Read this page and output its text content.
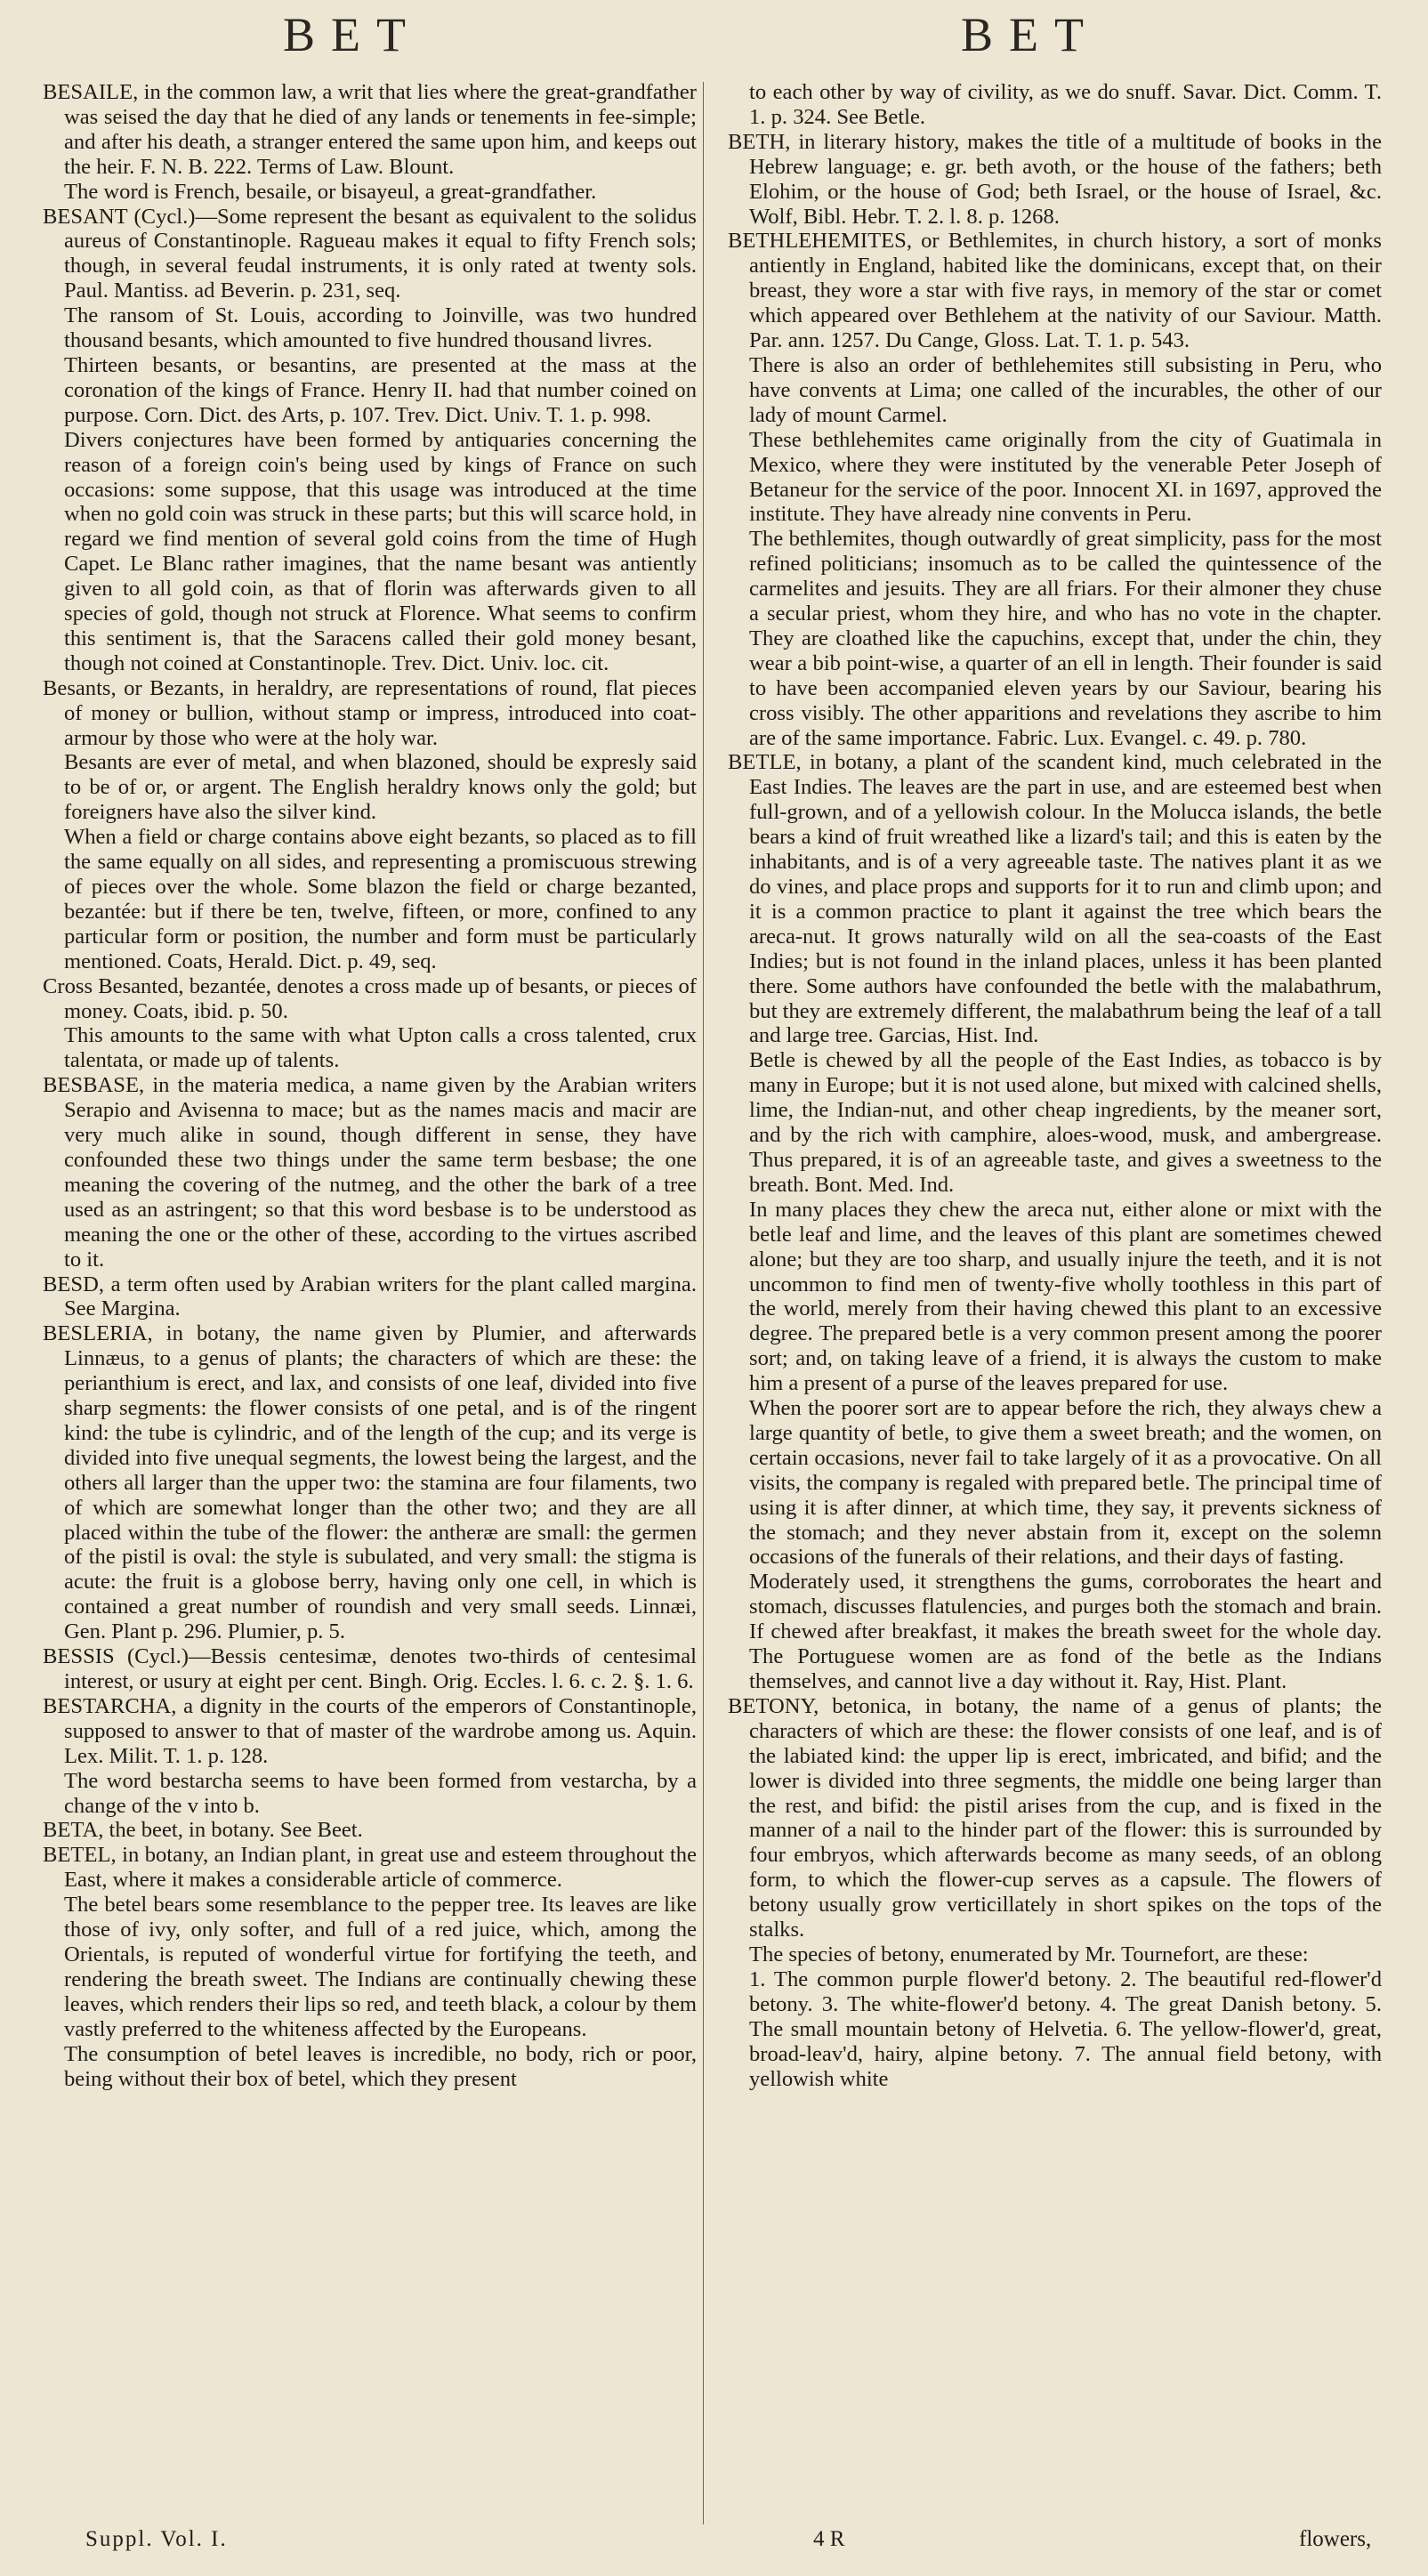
BET	BET

BESAILE, in the common law, a writ that lies where the great-grandfather was seised the day that he died of any lands or tenements in fee-simple; and after his death, a stranger entered the same upon him, and keeps out the heir. F. N. B. 222. Terms of Law. Blount.

The word is French, besaile, or bisayeul, a great-grandfather.

BESANT (Cycl.)—Some represent the besant as equivalent to the solidus aureus of Constantinople. Ragueau makes it equal to fifty French sols; though, in several feudal instruments, it is only rated at twenty sols. Paul. Mantiss. ad Beverin. p. 231, seq.

The ransom of St. Louis, according to Joinville, was two hundred thousand besants, which amounted to five hundred thousand livres.

Thirteen besants, or besantins, are presented at the mass at the coronation of the kings of France. Henry II. had that number coined on purpose. Corn. Dict. des Arts, p. 107. Trev. Dict. Univ. T. 1. p. 998.

Divers conjectures have been formed by antiquaries concerning the reason of a foreign coin's being used by kings of France on such occasions: some suppose, that this usage was introduced at the time when no gold coin was struck in these parts; but this will scarce hold, in regard we find mention of several gold coins from the time of Hugh Capet. Le Blanc rather imagines, that the name besant was antiently given to all gold coin, as that of florin was afterwards given to all species of gold, though not struck at Florence. What seems to confirm this sentiment is, that the Saracens called their gold money besant, though not coined at Constantinople. Trev. Dict. Univ. loc. cit.

Besants, or Bezants, in heraldry, are representations of round, flat pieces of money or bullion, without stamp or impress, introduced into coat-armour by those who were at the holy war.

Besants are ever of metal, and when blazoned, should be expresly said to be of or, or argent. The English heraldry knows only the gold; but foreigners have also the silver kind.

When a field or charge contains above eight bezants, so placed as to fill the same equally on all sides, and representing a promiscuous strewing of pieces over the whole. Some blazon the field or charge bezanted, bezantée: but if there be ten, twelve, fifteen, or more, confined to any particular form or position, the number and form must be particularly mentioned. Coats, Herald. Dict. p. 49, seq.

Cross Besanted, bezantée, denotes a cross made up of besants, or pieces of money. Coats, ibid. p. 50.

This amounts to the same with what Upton calls a cross talented, crux talentata, or made up of talents.

BESBASE, in the materia medica, a name given by the Arabian writers Serapio and Avisenna to mace; but as the names macis and macir are very much alike in sound, though different in sense, they have confounded these two things under the same term besbase; the one meaning the covering of the nutmeg, and the other the bark of a tree used as an astringent; so that this word besbase is to be understood as meaning the one or the other of these, according to the virtues ascribed to it.

BESD, a term often used by Arabian writers for the plant called margina. See Margina.

BESLERIA, in botany, the name given by Plumier, and afterwards Linnæus, to a genus of plants; the characters of which are these: the perianthium is erect, and lax, and consists of one leaf, divided into five sharp segments: the flower consists of one petal, and is of the ringent kind: the tube is cylindric, and of the length of the cup; and its verge is divided into five unequal segments, the lowest being the largest, and the others all larger than the upper two: the stamina are four filaments, two of which are somewhat longer than the other two; and they are all placed within the tube of the flower: the antheræ are small: the germen of the pistil is oval: the style is subulated, and very small: the stigma is acute: the fruit is a globose berry, having only one cell, in which is contained a great number of roundish and very small seeds. Linnæi, Gen. Plant p. 296. Plumier, p. 5.

BESSIS (Cycl.)—Bessis centesimæ, denotes two-thirds of centesimal interest, or usury at eight per cent. Bingh. Orig. Eccles. l. 6. c. 2. §. 1. 6.

BESTARCHA, a dignity in the courts of the emperors of Constantinople, supposed to answer to that of master of the wardrobe among us. Aquin. Lex. Milit. T. 1. p. 128.

The word bestarcha seems to have been formed from vestarcha, by a change of the v into b.

BETA, the beet, in botany. See Beet.

BETEL, in botany, an Indian plant, in great use and esteem throughout the East, where it makes a considerable article of commerce.

The betel bears some resemblance to the pepper tree. Its leaves are like those of ivy, only softer, and full of a red juice, which, among the Orientals, is reputed of wonderful virtue for fortifying the teeth, and rendering the breath sweet. The Indians are continually chewing these leaves, which renders their lips so red, and teeth black, a colour by them vastly preferred to the whiteness affected by the Europeans.

The consumption of betel leaves is incredible, no body, rich or poor, being without their box of betel, which they present

to each other by way of civility, as we do snuff. Savar. Dict. Comm. T. 1. p. 324. See Betle.

BETH, in literary history, makes the title of a multitude of books in the Hebrew language; e. gr. beth avoth, or the house of the fathers; beth Elohim, or the house of God; beth Israel, or the house of Israel, &c. Wolf, Bibl. Hebr. T. 2. l. 8. p. 1268.

BETHLEHEMITES, or Bethlemites, in church history, a sort of monks antiently in England, habited like the dominicans, except that, on their breast, they wore a star with five rays, in memory of the star or comet which appeared over Bethlehem at the nativity of our Saviour. Matth. Par. ann. 1257. Du Cange, Gloss. Lat. T. 1. p. 543.

There is also an order of bethlehemites still subsisting in Peru, who have convents at Lima; one called of the incurables, the other of our lady of mount Carmel.

These bethlehemites came originally from the city of Guatimala in Mexico, where they were instituted by the venerable Peter Joseph of Betaneur for the service of the poor. Innocent XI. in 1697, approved the institute. They have already nine convents in Peru.

The bethlemites, though outwardly of great simplicity, pass for the most refined politicians; insomuch as to be called the quintessence of the carmelites and jesuits. They are all friars. For their almoner they chuse a secular priest, whom they hire, and who has no vote in the chapter. They are cloathed like the capuchins, except that, under the chin, they wear a bib point-wise, a quarter of an ell in length. Their founder is said to have been accompanied eleven years by our Saviour, bearing his cross visibly. The other apparitions and revelations they ascribe to him are of the same importance. Fabric. Lux. Evangel. c. 49. p. 780.

BETLE, in botany, a plant of the scandent kind, much celebrated in the East Indies. The leaves are the part in use, and are esteemed best when full-grown, and of a yellowish colour. In the Molucca islands, the betle bears a kind of fruit wreathed like a lizard's tail; and this is eaten by the inhabitants, and is of a very agreeable taste. The natives plant it as we do vines, and place props and supports for it to run and climb upon; and it is a common practice to plant it against the tree which bears the areca-nut. It grows naturally wild on all the sea-coasts of the East Indies; but is not found in the inland places, unless it has been planted there. Some authors have confounded the betle with the malabathrum, but they are extremely different, the malabathrum being the leaf of a tall and large tree. Garcias, Hist. Ind.

Betle is chewed by all the people of the East Indies, as tobacco is by many in Europe; but it is not used alone, but mixed with calcined shells, lime, the Indian-nut, and other cheap ingredients, by the meaner sort, and by the rich with camphire, aloes-wood, musk, and ambergrease. Thus prepared, it is of an agreeable taste, and gives a sweetness to the breath. Bont. Med. Ind.

In many places they chew the areca nut, either alone or mixt with the betle leaf and lime, and the leaves of this plant are sometimes chewed alone; but they are too sharp, and usually injure the teeth, and it is not uncommon to find men of twenty-five wholly toothless in this part of the world, merely from their having chewed this plant to an excessive degree. The prepared betle is a very common present among the poorer sort; and, on taking leave of a friend, it is always the custom to make him a present of a purse of the leaves prepared for use.

When the poorer sort are to appear before the rich, they always chew a large quantity of betle, to give them a sweet breath; and the women, on certain occasions, never fail to take largely of it as a provocative. On all visits, the company is regaled with prepared betle. The principal time of using it is after dinner, at which time, they say, it prevents sickness of the stomach; and they never abstain from it, except on the solemn occasions of the funerals of their relations, and their days of fasting.

Moderately used, it strengthens the gums, corroborates the heart and stomach, discusses flatulencies, and purges both the stomach and brain. If chewed after breakfast, it makes the breath sweet for the whole day. The Portuguese women are as fond of the betle as the Indians themselves, and cannot live a day without it. Ray, Hist. Plant.

BETONY, betonica, in botany, the name of a genus of plants; the characters of which are these: the flower consists of one leaf, and is of the labiated kind: the upper lip is erect, imbricated, and bifid; and the lower is divided into three segments, the middle one being larger than the rest, and bifid: the pistil arises from the cup, and is fixed in the manner of a nail to the hinder part of the flower: this is surrounded by four embryos, which afterwards become as many seeds, of an oblong form, to which the flower-cup serves as a capsule. The flowers of betony usually grow verticillately in short spikes on the tops of the stalks.

The species of betony, enumerated by Mr. Tournefort, are these:

1. The common purple flower'd betony. 2. The beautiful red-flower'd betony. 3. The white-flower'd betony. 4. The great Danish betony. 5. The small mountain betony of Helvetia. 6. The yellow-flower'd, great, broad-leav'd, hairy, alpine betony. 7. The annual field betony, with yellowish white

Suppl. Vol. I.	4 R	flowers,
